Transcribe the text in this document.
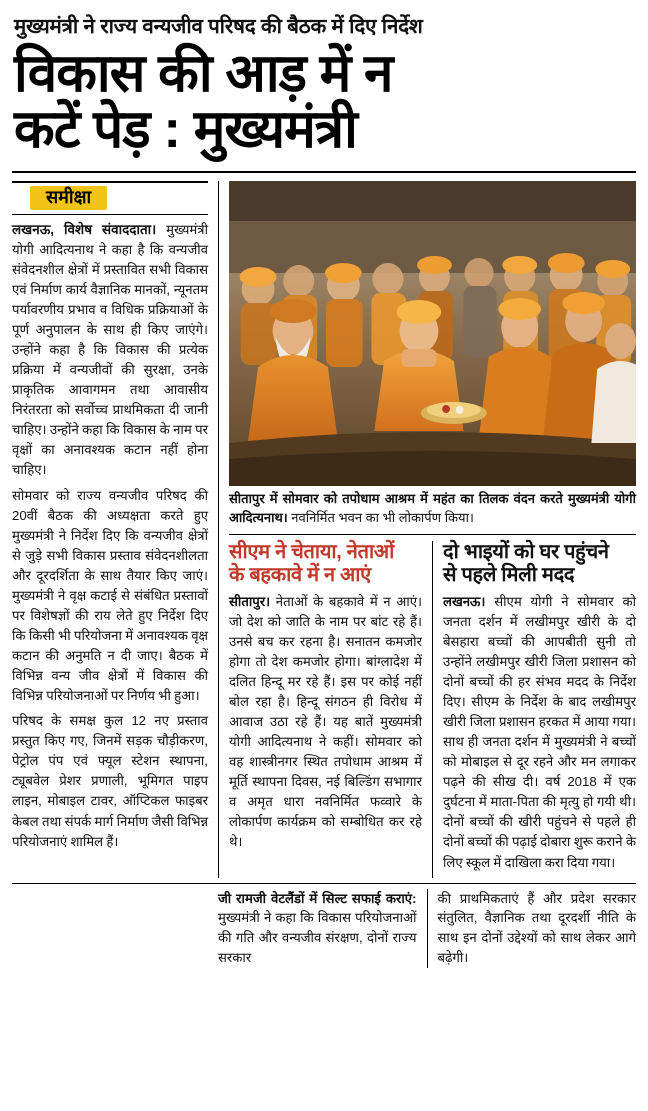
मुख्यमंत्री ने राज्य वन्यजीव परिषद की बैठक में दिए निर्देश
विकास की आड़ में न
कटें पेड़ : मुख्यमंत्री
समीक्षा

लखनऊ, विशेष संवाददाता। मुख्यमंत्री योगी आदित्यनाथ ने कहा है कि वन्यजीव संवेदनशील क्षेत्रों में प्रस्तावित सभी विकास एवं निर्माण कार्य वैज्ञानिक मानकों, न्यूनतम पर्यावरणीय प्रभाव व विधिक प्रक्रियाओं के पूर्ण अनुपालन के साथ ही किए जाएंगे। उन्होंने कहा है कि विकास की प्रत्येक प्रक्रिया में वन्यजीवों की सुरक्षा, उनके प्राकृतिक आवागमन तथा आवासीय निरंतरता को सर्वोच्च प्राथमिकता दी जानी चाहिए। उन्होंने कहा कि विकास के नाम पर वृक्षों का अनावश्यक कटान नहीं होना चाहिए।

सोमवार को राज्य वन्यजीव परिषद की 20वीं बैठक की अध्यक्षता करते हुए मुख्यमंत्री ने निर्देश दिए कि वन्यजीव क्षेत्रों से जुड़े सभी विकास प्रस्ताव संवेदनशीलता और दूरदर्शिता के साथ तैयार किए जाएं। मुख्यमंत्री ने वृक्ष कटाई से संबंधित प्रस्तावों पर विशेषज्ञों की राय लेते हुए निर्देश दिए कि किसी भी परियोजना में अनावश्यक वृक्ष कटान की अनुमति न दी जाए। बैठक में विभिन्न वन्य जीव क्षेत्रों में विकास की विभिन्न परियोजनाओं पर निर्णय भी हुआ।

परिषद के समक्ष कुल 12 नए प्रस्ताव प्रस्तुत किए गए, जिनमें सड़क चौड़ीकरण, पेट्रोल पंप एवं फ्यूल स्टेशन स्थापना, ट्यूबवेल प्रेशर प्रणाली, भूमिगत पाइप लाइन, मोबाइल टावर, ऑप्टिकल फाइबर केबल तथा संपर्क मार्ग निर्माण जैसी विभिन्न परियोजनाएं शामिल हैं।

सीतापुर में सोमवार को तपोधाम आश्रम में महंत का तिलक वंदन करते मुख्यमंत्री योगी आदित्यनाथ। नवनिर्मित भवन का भी लोकार्पण किया।
सीएम ने चेताया, नेताओं
के बहकावे में न आएं

सीतापुर। नेताओं के बहकावे में न आएं। जो देश को जाति के नाम पर बांट रहे हैं। उनसे बच कर रहना है। सनातन कमजोर होगा तो देश कमजोर होगा। बांग्लादेश में दलित हिन्दू मर रहे हैं। इस पर कोई नहीं बोल रहा है। हिन्दू संगठन ही विरोध में आवाज उठा रहे हैं। यह बातें मुख्यमंत्री योगी आदित्यनाथ ने कहीं। सोमवार को वह शास्त्रीनगर स्थित तपोधाम आश्रम में मूर्ति स्थापना दिवस, नई बिल्डिंग सभागार व अमृत धारा नवनिर्मित फव्वारे के लोकार्पण कार्यक्रम को सम्बोधित कर रहे थे।

दो भाइयों को घर पहुंचने
से पहले मिली मदद

लखनऊ। सीएम योगी ने सोमवार को जनता दर्शन में लखीमपुर खीरी के दो बेसहारा बच्चों की आपबीती सुनी तो उन्होंने लखीमपुर खीरी जिला प्रशासन को दोनों बच्चों की हर संभव मदद के निर्देश दिए। सीएम के निर्देश के बाद लखीमपुर खीरी जिला प्रशासन हरकत में आया गया। साथ ही जनता दर्शन में मुख्यमंत्री ने बच्चों को मोबाइल से दूर रहने और मन लगाकर पढ़ने की सीख दी। वर्ष 2018 में एक दुर्घटना में माता-पिता की मृत्यु हो गयी थी। दोनों बच्चों की खीरी पहुंचने से पहले ही दोनों बच्चों की पढ़ाई दोबारा शुरू कराने के लिए स्कूल में दाखिला करा दिया गया।

जी रामजी वेटलैंडों में सिल्ट सफाई कराएं: मुख्यमंत्री ने कहा कि विकास परियोजनाओं की गति और वन्यजीव संरक्षण, दोनों राज्य सरकार

की प्राथमिकताएं हैं और प्रदेश सरकार संतुलित, वैज्ञानिक तथा दूरदर्शी नीति के साथ इन दोनों उद्देश्यों को साथ लेकर आगे बढ़ेगी।
